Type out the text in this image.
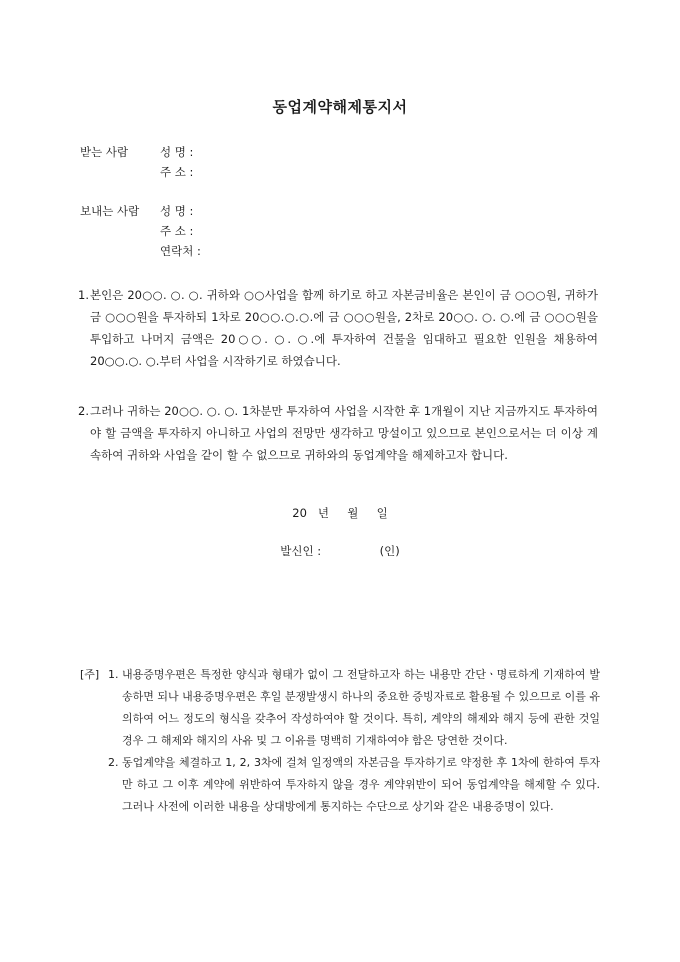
동업계약해제통지서
받는 사람	성 명 :
주 소 :
보내는 사람 성 명 :
주 소 :
연락처 :
1. 본인은 20○○. ○. ○. 귀하와 ○○사업을 함께 하기로 하고 자본금비율은 본인이 금 ○○○원, 귀하가 금 ○○○원을 투자하되 1차로 20○○.○.○.에 금 ○○○원을, 2차로 20○○. ○. ○.에 금 ○○○원을 투입하고 나머지 금액은 20○○. ○. ○.에 투자하여 건물을 임대하고 필요한 인원을 채용하여 20○○.○. ○.부터 사업을 시작하기로 하였습니다.

2. 그러나 귀하는 20○○. ○. ○. 1차분만 투자하여 사업을 시작한 후 1개월이 지난 지금까지도 투자하여야 할 금액을 투자하지 아니하고 사업의 전망만 생각하고 망설이고 있으므로 본인으로서는 더 이상 계속하여 귀하와 사업을 같이 할 수 없으므로 귀하와의 동업계약을 해제하고자 합니다.

20   년     월     일
발신인 :                (인)
[주] 1. 내용증명우편은 특정한 양식과 형태가 없이 그 전달하고자 하는 내용만 간단ㆍ명료하게 기재하여 발송하면 되나 내용증명우편은 후일 분쟁발생시 하나의 중요한 증빙자료로 활용될 수 있으므로 이를 유의하여 어느 정도의 형식을 갖추어 작성하여야 할 것이다. 특히, 계약의 해제와 해지 등에 관한 것일 경우 그 해제와 해지의 사유 및 그 이유를 명백히 기재하여야 함은 당연한 것이다.
2. 동업계약을 체결하고 1, 2, 3차에 걸쳐 일정액의 자본금을 투자하기로 약정한 후 1차에 한하여 투자만 하고 그 이후 계약에 위반하여 투자하지 않을 경우 계약위반이 되어 동업계약을 해제할 수 있다. 그러나 사전에 이러한 내용을 상대방에게 통지하는 수단으로 상기와 같은 내용증명이 있다.
